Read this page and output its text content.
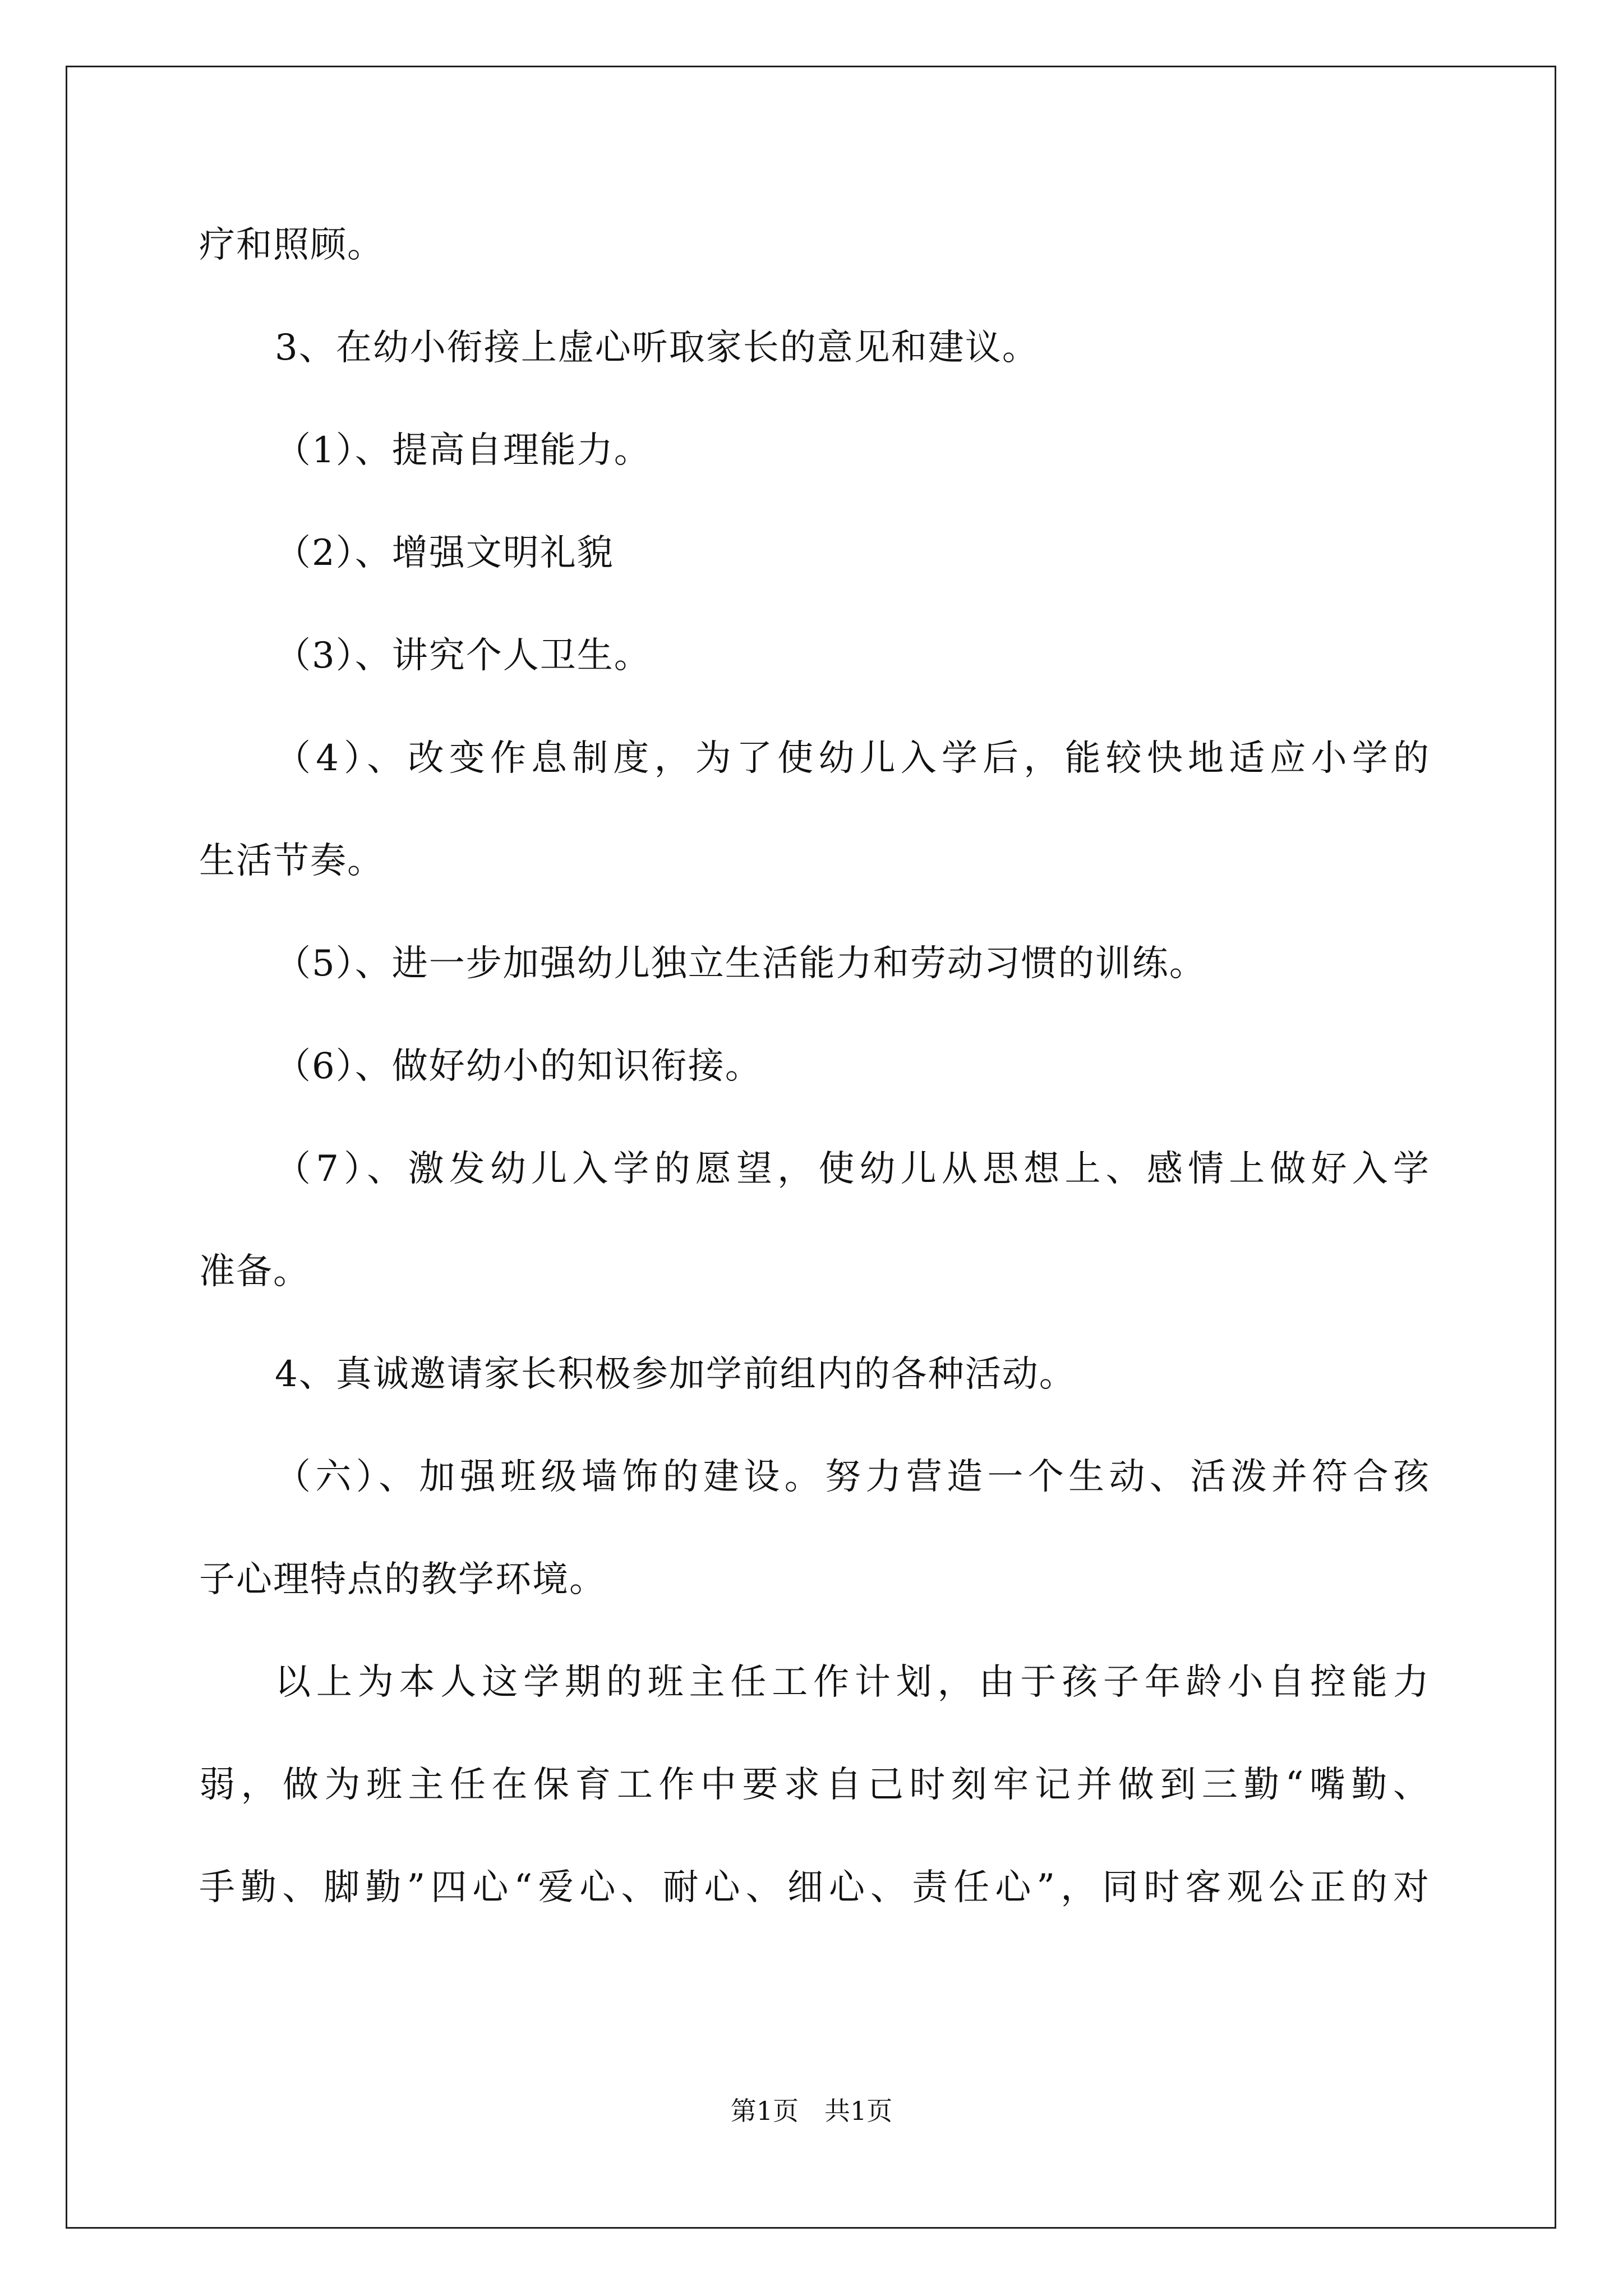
疗和照顾。
3、在幼小衔接上虚心听取家长的意见和建议。
（1）、提高自理能力。
（2）、增强文明礼貌
（3）、讲究个人卫生。
（4）、改变作息制度，为了使幼儿入学后，能较快地适应小学的
生活节奏。
（5）、进一步加强幼儿独立生活能力和劳动习惯的训练。
（6）、做好幼小的知识衔接。
（7）、激发幼儿入学的愿望，使幼儿从思想上、感情上做好入学
准备。
4、真诚邀请家长积极参加学前组内的各种活动。
（六）、加强班级墙饰的建设。努力营造一个生动、活泼并符合孩
子心理特点的教学环境。
以上为本人这学期的班主任工作计划，由于孩子年龄小自控能力
弱，做为班主任在保育工作中要求自己时刻牢记并做到三勤“嘴勤、
手勤、脚勤”四心“爱心、耐心、细心、责任心”，同时客观公正的对
第1页　共1页
